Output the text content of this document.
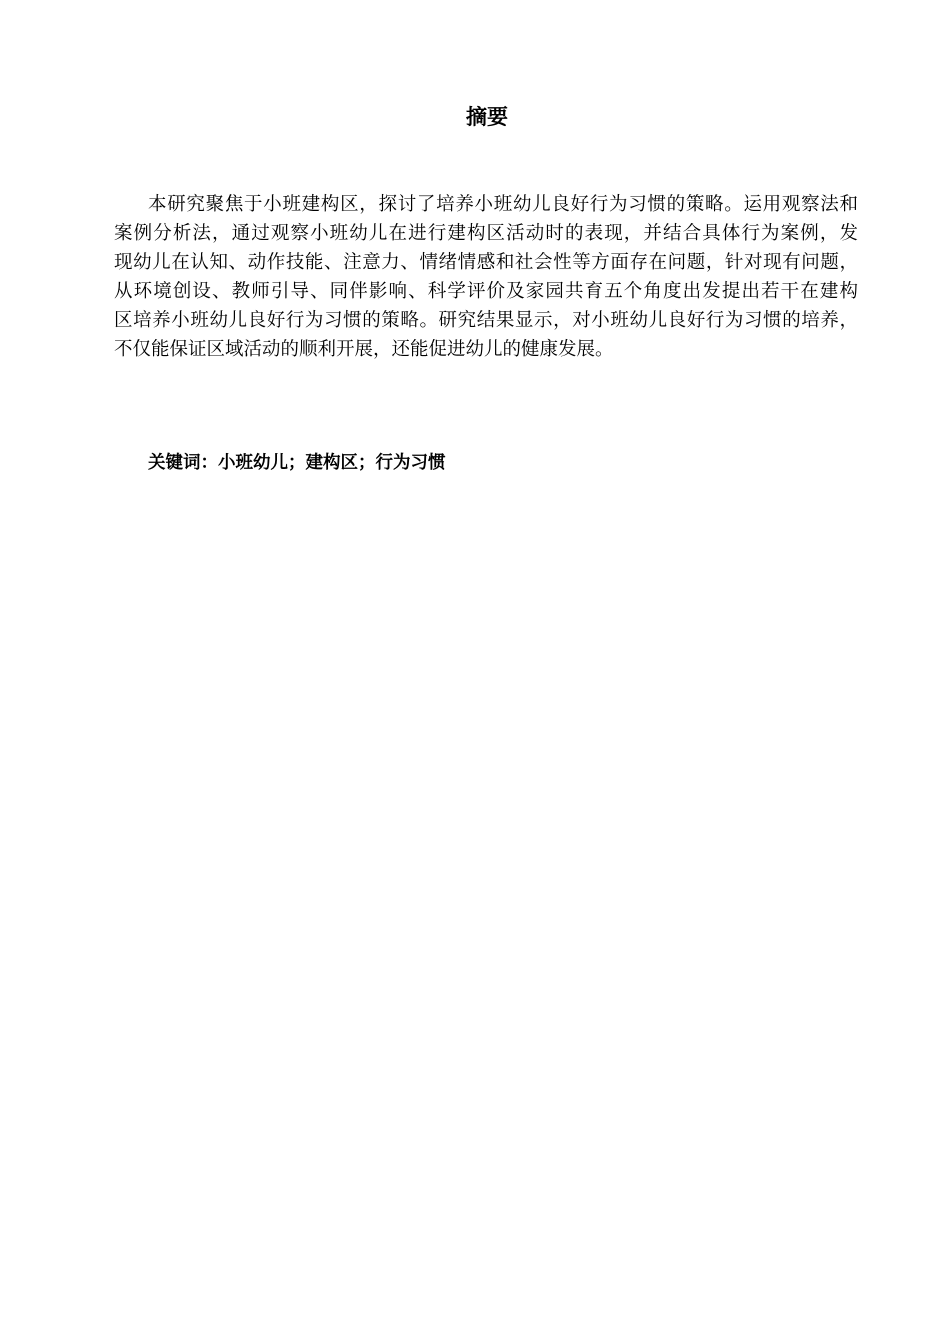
摘要
本研究聚焦于小班建构区，探讨了培养小班幼儿良好行为习惯的策略。运用观察法和
案例分析法，通过观察小班幼儿在进行建构区活动时的表现，并结合具体行为案例，发
现幼儿在认知、动作技能、注意力、情绪情感和社会性等方面存在问题，针对现有问题，
从环境创设、教师引导、同伴影响、科学评价及家园共育五个角度出发提出若干在建构
区培养小班幼儿良好行为习惯的策略。研究结果显示，对小班幼儿良好行为习惯的培养，
不仅能保证区域活动的顺利开展，还能促进幼儿的健康发展。
关键词：小班幼儿；建构区；行为习惯
